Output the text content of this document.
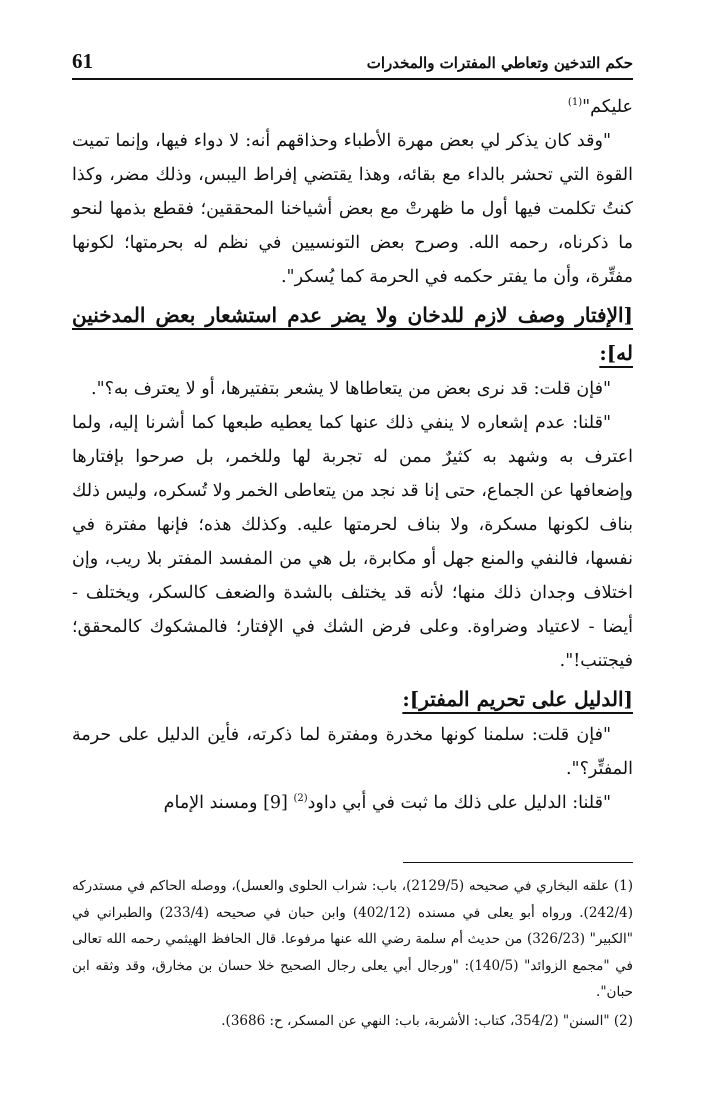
حكم التدخين وتعاطي المفترات والمخدرات
61

عليكم"$^{(1)}$

"وقد كان يذكر لي بعض مهرة الأطباء وحذاقهم أنه: لا دواء فيها، وإنما تميت القوة التي تحشر بالداء مع بقائه، وهذا يقتضي إفراط اليبس، وذلك مضر، وكذا كنتُ تكلمت فيها أول ما ظهرتْ مع بعض أشياخنا المحققين؛ فقطع بذمها لنحو ما ذكرناه، رحمه الله. وصرح بعض التونسيين في نظم له بحرمتها؛ لكونها مفتِّرة، وأن ما يفتر حكمه في الحرمة كما يُسكر".

[الإفتار وصف لازم للدخان ولا يضر عدم استشعار بعض المدخنين له]:

"فإن قلت: قد نرى بعض من يتعاطاها لا يشعر بتفتيرها، أو لا يعترف به؟".

"قلنا: عدم إشعاره لا ينفي ذلك عنها كما يعطيه طبعها كما أشرنا إليه، ولما اعترف به وشهد به كثيرٌ ممن له تجربة لها وللخمر، بل صرحوا بإفتارها وإضعافها عن الجماع، حتى إنا قد نجد من يتعاطى الخمر ولا تُسكره، وليس ذلك بناف لكونها مسكرة، ولا بناف لحرمتها عليه. وكذلك هذه؛ فإنها مفترة في نفسها، فالنفي والمنع جهل أو مكابرة، بل هي من المفسد المفتر بلا ريب، وإن اختلاف وجدان ذلك منها؛ لأنه قد يختلف بالشدة والضعف كالسكر، ويختلف - أيضا - لاعتياد وضراوة. وعلى فرض الشك في الإفتار؛ فالمشكوك كالمحقق؛ فيجتنب!".

[الدليل على تحريم المفتر]:

"فإن قلت: سلمنا كونها مخدرة ومفترة لما ذكرته، فأين الدليل على حرمة المفتِّر؟".

"قلنا: الدليل على ذلك ما ثبت في أبي داود$^{(2)}$ [9] ومسند الإمام

(1) علقه البخاري في صحيحه (2129/5)، باب: شراب الحلوى والعسل)، ووصله الحاكم في مستدركه (242/4). ورواه أبو يعلى في مسنده (402/12) وابن حبان في صحيحه (233/4) والطبراني في "الكبير" (326/23) من حديث أم سلمة رضي الله عنها مرفوعا. قال الحافظ الهيثمي رحمه الله تعالى في "مجمع الزوائد" (140/5): "ورجال أبي يعلى رجال الصحيح خلا حسان بن مخارق، وقد وثقه ابن حبان".

(2) "السنن" (354/2، كتاب: الأشربة، باب: النهي عن المسكر، ح: 3686).
